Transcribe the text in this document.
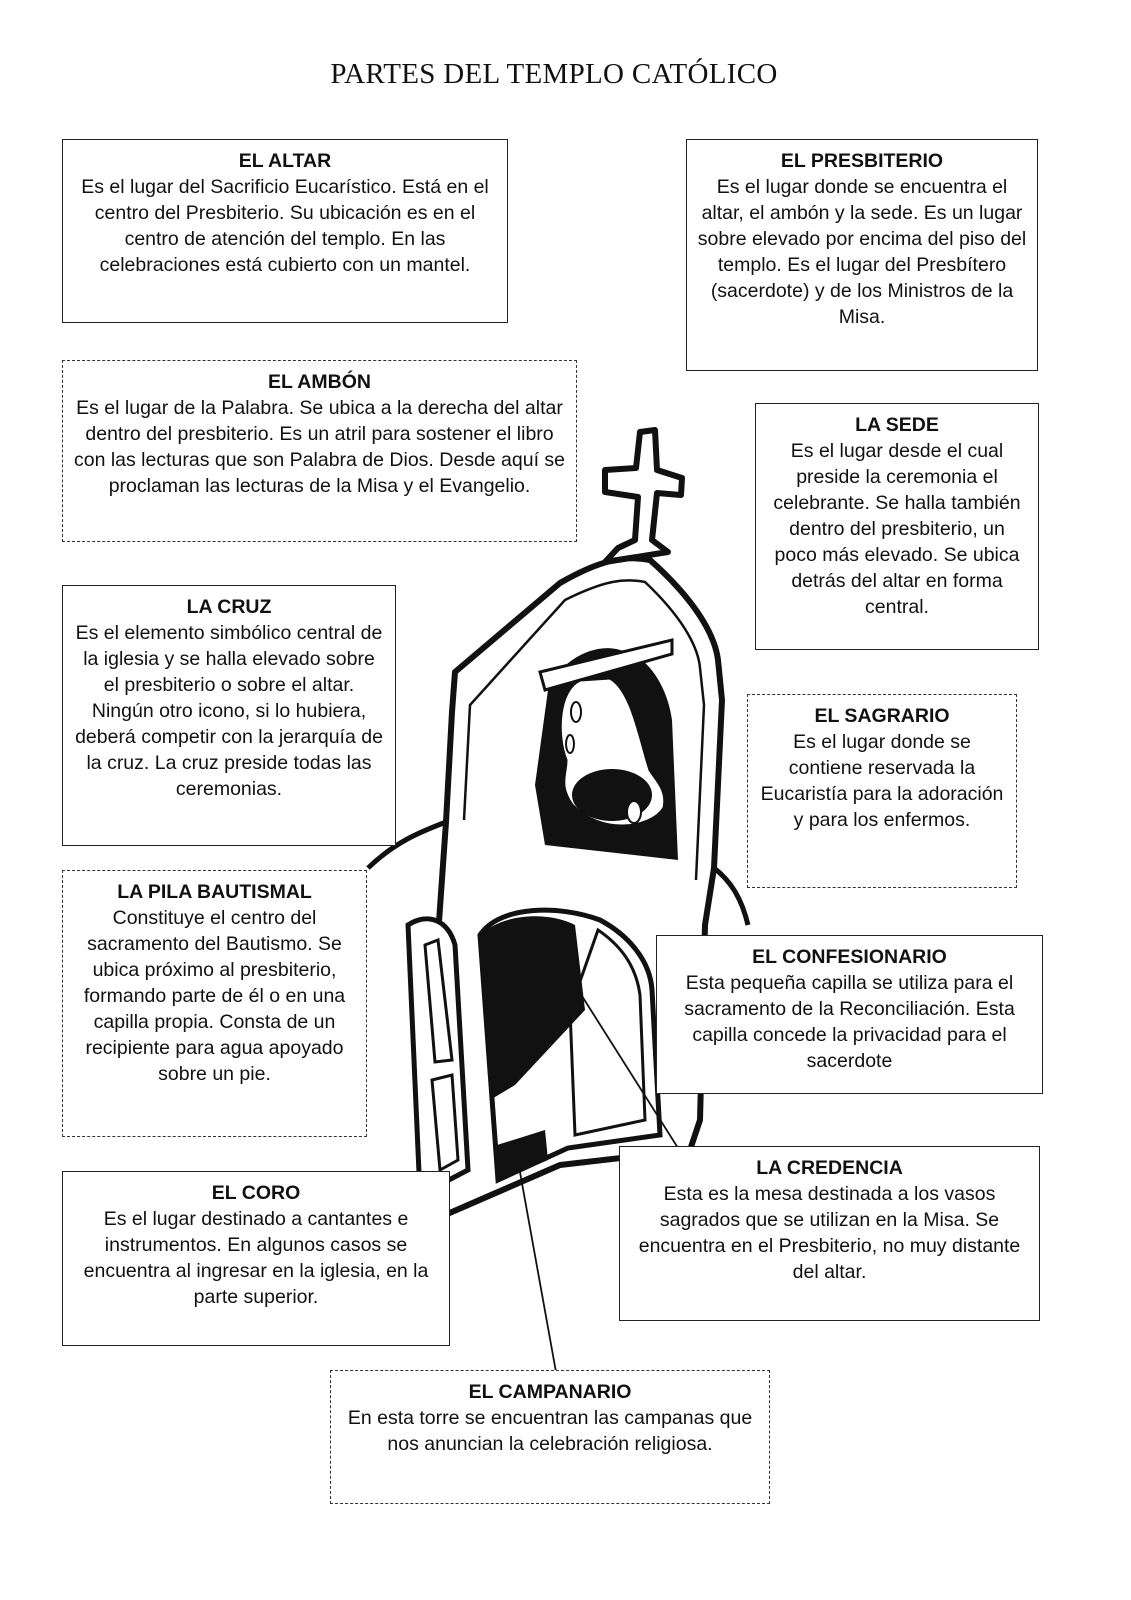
PARTES DEL TEMPLO CATÓLICO
EL ALTAR

Es el lugar del Sacrificio Eucarístico. Está en el centro del Presbiterio. Su ubicación es en el centro de atención del templo. En las celebraciones está cubierto con un mantel.

EL PRESBITERIO

Es el lugar donde se encuentra el altar, el ambón y la sede. Es un lugar sobre elevado por encima del piso del templo. Es el lugar del Presbítero (sacerdote) y de los Ministros de la Misa.

EL AMBÓN

Es el lugar de la Palabra. Se ubica a la derecha del altar dentro del presbiterio. Es un atril para sostener el libro con las lecturas que son Palabra de Dios. Desde aquí se proclaman las lecturas de la Misa y el Evangelio.

LA SEDE

Es el lugar desde el cual preside la ceremonia el celebrante. Se halla también dentro del presbiterio, un poco más elevado. Se ubica detrás del altar en forma central.

LA CRUZ

Es el elemento simbólico central de la iglesia y se halla elevado sobre el presbiterio o sobre el altar. Ningún otro icono, si lo hubiera, deberá competir con la jerarquía de la cruz. La cruz preside todas las ceremonias.

EL SAGRARIO

Es el lugar donde se contiene reservada la Eucaristía para la adoración y para los enfermos.

LA PILA BAUTISMAL

Constituye el centro del sacramento del Bautismo. Se ubica próximo al presbiterio, formando parte de él o en una capilla propia. Consta de un recipiente para agua apoyado sobre un pie.

EL CONFESIONARIO

Esta pequeña capilla se utiliza para el sacramento de la Reconciliación. Esta capilla concede la privacidad para el sacerdote

LA CREDENCIA

Esta es la mesa destinada a los vasos sagrados que se utilizan en la Misa. Se encuentra en el Presbiterio, no muy distante del altar.

EL CORO

Es el lugar destinado a cantantes e instrumentos. En algunos casos se encuentra al ingresar en la iglesia, en la parte superior.

EL CAMPANARIO

En esta torre se encuentran las campanas que nos anuncian la celebración religiosa.
